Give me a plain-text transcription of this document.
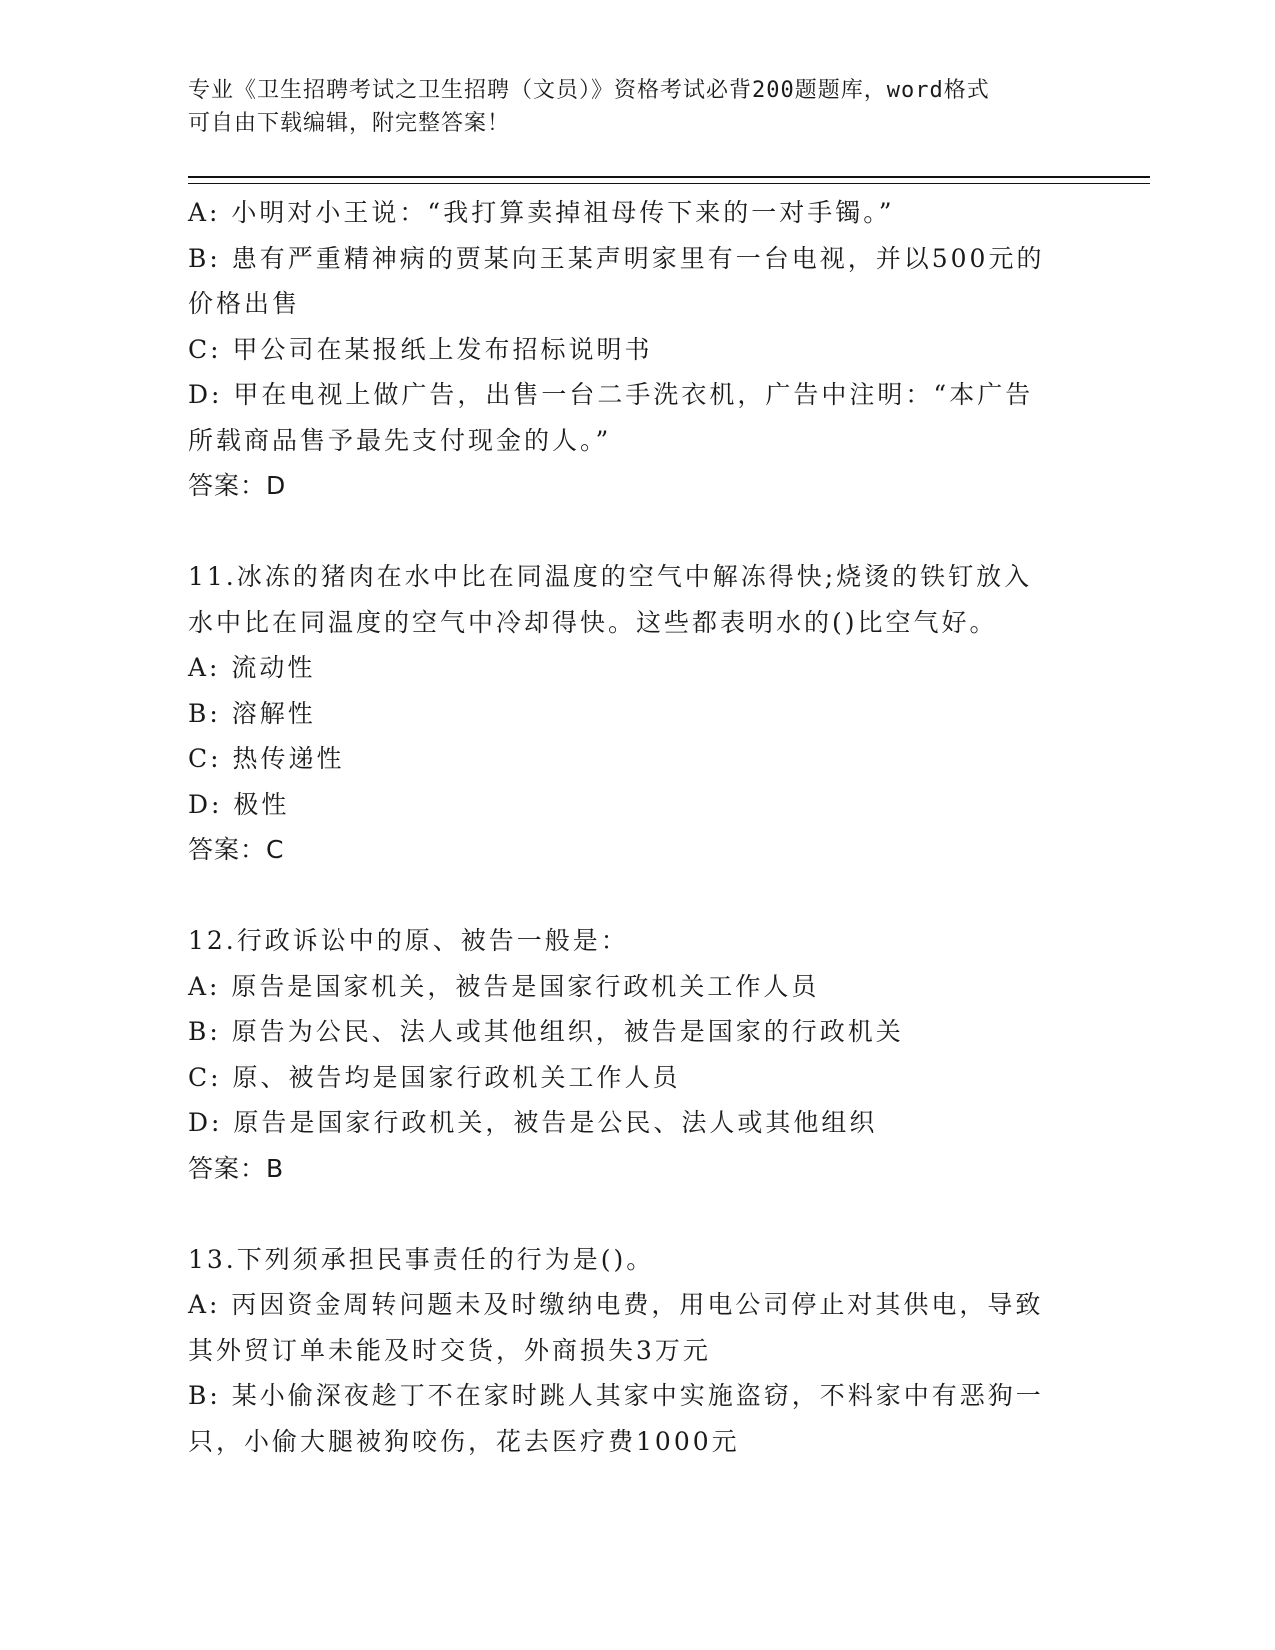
专业《卫生招聘考试之卫生招聘（文员）》资格考试必背200题题库，word格式
可自由下载编辑，附完整答案！
A: 小明对小王说：“我打算卖掉祖母传下来的一对手镯。”
B: 患有严重精神病的贾某向王某声明家里有一台电视，并以500元的
价格出售
C: 甲公司在某报纸上发布招标说明书
D: 甲在电视上做广告，出售一台二手洗衣机，广告中注明：“本广告
所载商品售予最先支付现金的人。”
答案：D
11.冰冻的猪肉在水中比在同温度的空气中解冻得快;烧烫的铁钉放入
水中比在同温度的空气中冷却得快。这些都表明水的()比空气好。
A: 流动性
B: 溶解性
C: 热传递性
D: 极性
答案：C
12.行政诉讼中的原、被告一般是：
A: 原告是国家机关，被告是国家行政机关工作人员
B: 原告为公民、法人或其他组织，被告是国家的行政机关
C: 原、被告均是国家行政机关工作人员
D: 原告是国家行政机关，被告是公民、法人或其他组织
答案：B
13.下列须承担民事责任的行为是()。
A: 丙因资金周转问题未及时缴纳电费，用电公司停止对其供电，导致
其外贸订单未能及时交货，外商损失3万元
B: 某小偷深夜趁丁不在家时跳人其家中实施盗窃，不料家中有恶狗一
只，小偷大腿被狗咬伤，花去医疗费1000元
